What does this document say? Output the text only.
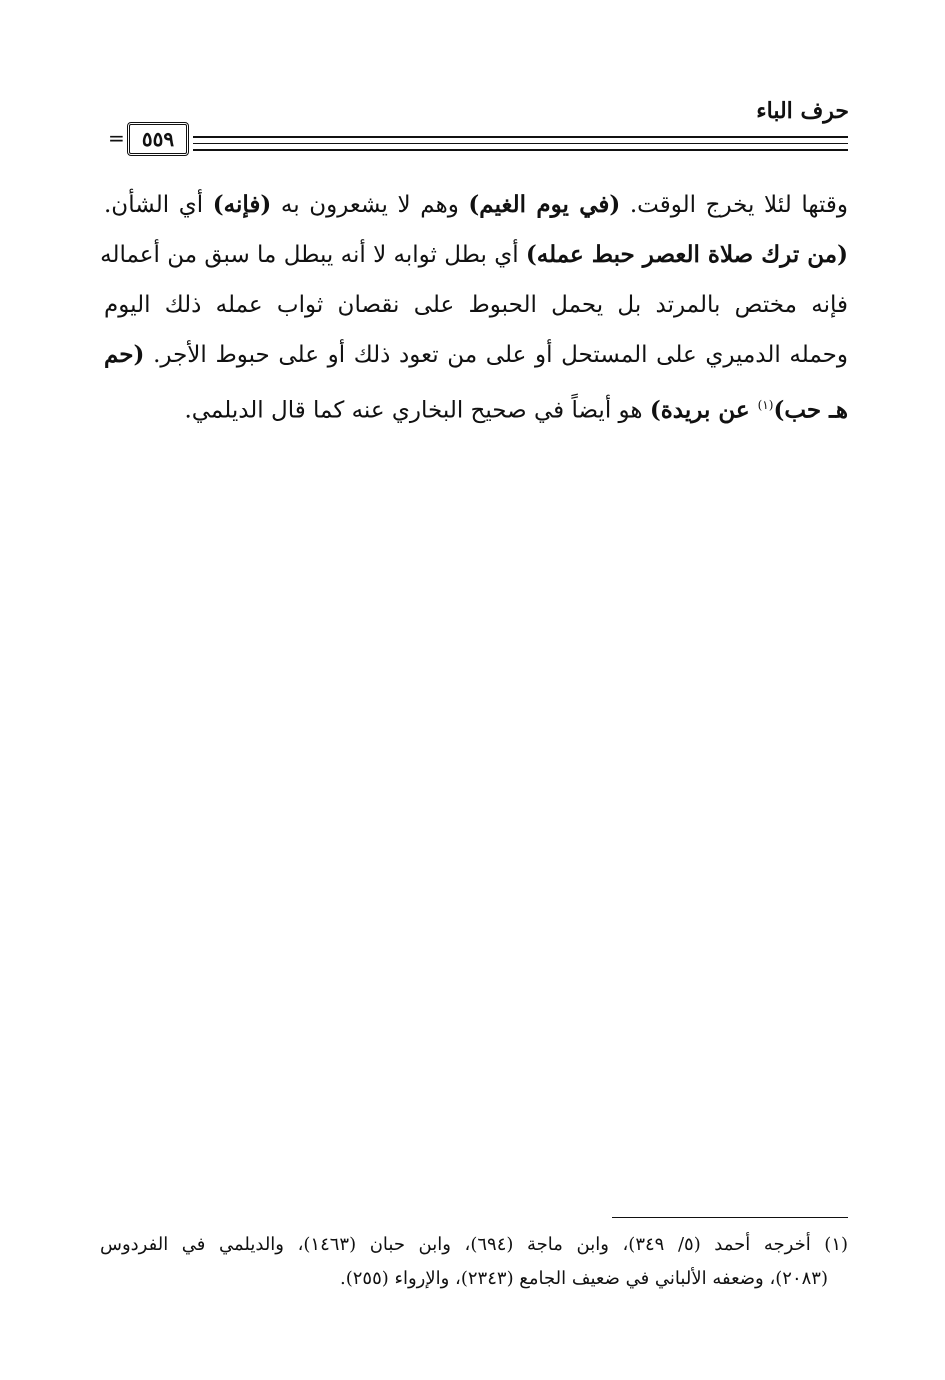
حرف الباء
٥٥٩
=
وقتها لئلا يخرج الوقت. (في يوم الغيم) وهم لا يشعرون به (فإنه) أي الشأن.
(من ترك صلاة العصر حبط عمله) أي بطل ثوابه لا أنه يبطل ما سبق من أعماله
فإنه مختص بالمرتد بل يحمل الحبوط على نقصان ثواب عمله ذلك اليوم
وحمله الدميري على المستحل أو على من تعود ذلك أو على حبوط الأجر. (حم
هـ حب)$^{(١)}$ عن بريدة) هو أيضاً في صحيح البخاري عنه كما قال الديلمي.
(١) أخرجه أحمد (٥/ ٣٤٩)، وابن ماجة (٦٩٤)، وابن حبان (١٤٦٣)، والديلمي في الفردوس
(٢٠٨٣)، وضعفه الألباني في ضعيف الجامع (٢٣٤٣)، والإرواء (٢٥٥).
